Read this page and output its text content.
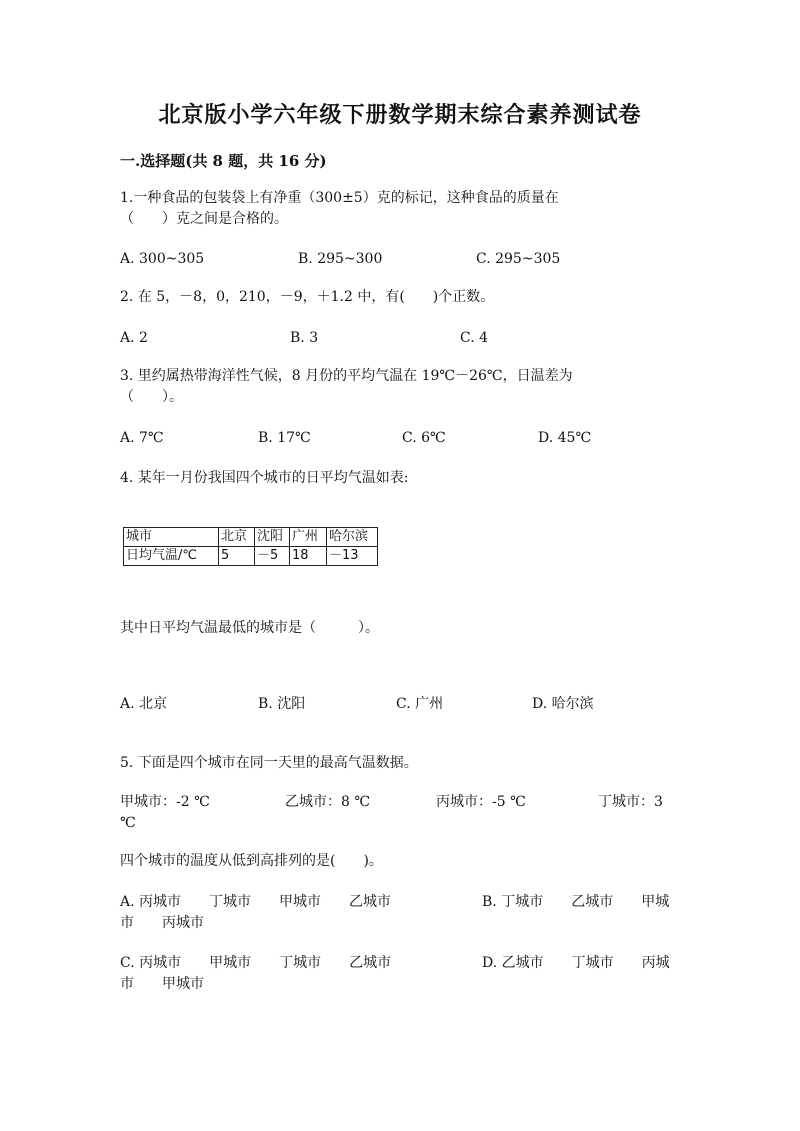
北京版小学六年级下册数学期末综合素养测试卷
一.选择题(共 8 题，共 16 分)
1.一种食品的包装袋上有净重（300±5）克的标记，这种食品的质量在
（　　）克之间是合格的。
A. 300~305	B. 295~300	C. 295~305
2. 在 5，－8，0，210，－9，＋1.2 中，有(　　)个正数。
A. 2	B. 3	C. 4
3. 里约属热带海洋性气候，8 月份的平均气温在 19℃－26℃，日温差为
（　　）。
A. 7℃	B. 17℃	C. 6℃	D. 45℃
4. 某年一月份我国四个城市的日平均气温如表:
城市	北京	沈阳	广州	哈尔滨
日均气温/℃	5	－5	18	－13
其中日平均气温最低的城市是（　　　）。
A. 北京	B. 沈阳	C. 广州	D. 哈尔滨
5. 下面是四个城市在同一天里的最高气温数据。
甲城市：-2 ℃	乙城市：8 ℃	丙城市：-5 ℃	丁城市：3
℃
四个城市的温度从低到高排列的是(　　)。
A. 丙城市　　丁城市　　甲城市　　乙城市	B. 丁城市　　乙城市　　甲城
市　　丙城市
C. 丙城市　　甲城市　　丁城市　　乙城市	D. 乙城市　　丁城市　　丙城
市　　甲城市
